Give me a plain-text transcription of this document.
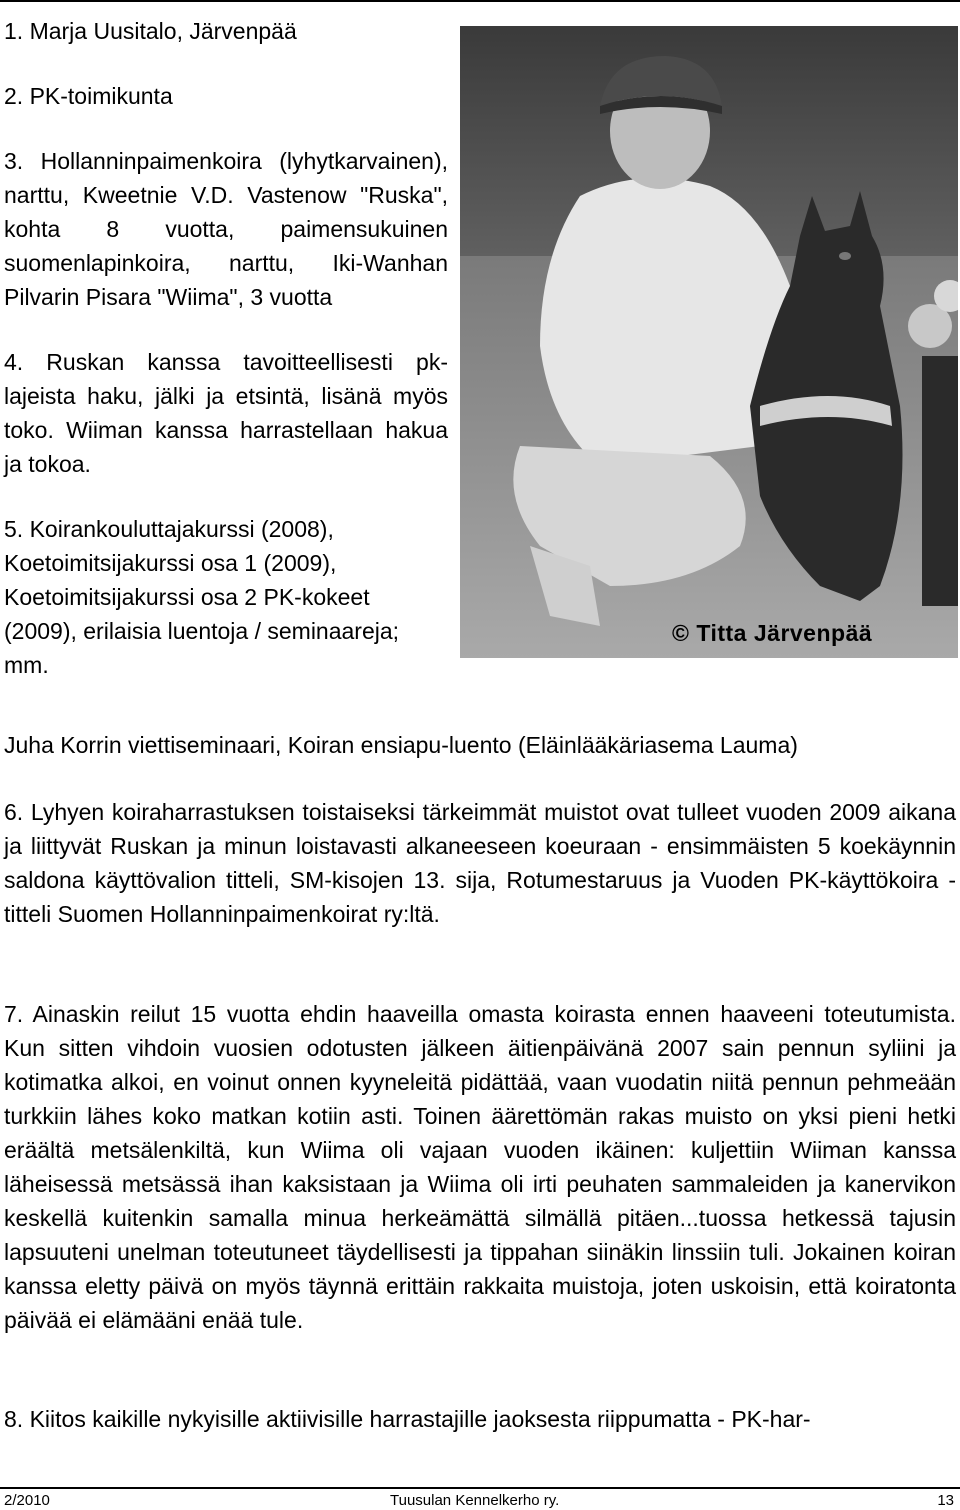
1. Marja Uusitalo, Järvenpää

2. PK-toimikunta

3. Hollanninpaimenkoira (lyhytkarvainen), narttu, Kweetnie V.D. Vastenow "Ruska", kohta 8 vuotta, paimensukuinen suomenlapinkoira, narttu, Iki-Wanhan Pilvarin Pisara "Wiima", 3 vuotta

4. Ruskan kanssa tavoitteellisesti pk-lajeista haku, jälki ja etsintä, lisänä myös toko. Wiiman kanssa harrastellaan hakua ja tokoa.

5. Koirankouluttajakurssi (2008), Koetoimitsijakurssi osa 1 (2009), Koetoimitsijakurssi osa 2 PK-kokeet (2009), erilaisia luentoja / seminaareja; mm.

© Titta Järvenpää

Juha Korrin viettiseminaari, Koiran ensiapu-luento (Eläinlääkäriasema Lauma)

6. Lyhyen koiraharrastuksen toistaiseksi tärkeimmät muistot ovat tulleet vuoden 2009 aikana ja liittyvät Ruskan ja minun loistavasti alkaneeseen koeuraan - ensimmäisten 5 koekäynnin saldona käyttövalion titteli, SM-kisojen 13. sija, Rotumestaruus ja Vuoden PK-käyttökoira -titteli Suomen Hollanninpaimenkoirat ry:ltä.

7. Ainaskin reilut 15 vuotta ehdin haaveilla omasta koirasta ennen haaveeni toteutumista. Kun sitten vihdoin vuosien odotusten jälkeen äitienpäivänä 2007 sain pennun syliini ja kotimatka alkoi, en voinut onnen kyyneleitä pidättää, vaan vuodatin niitä pennun pehmeään turkkiin lähes koko matkan kotiin asti. Toinen äärettömän rakas muisto on yksi pieni hetki eräältä metsälenkiltä, kun Wiima oli vajaan vuoden ikäinen: kuljettiin Wiiman kanssa läheisessä metsässä ihan kaksistaan ja Wiima oli irti peuhaten sammaleiden ja kanervikon keskellä kuitenkin samalla minua herkeämättä silmällä pitäen...tuossa hetkessä tajusin lapsuuteni unelman toteutuneet täydellisesti ja tippahan siinäkin linssiin tuli. Jokainen koiran kanssa eletty päivä on myös täynnä erittäin rakkaita muistoja, joten uskoisin, että koiratonta päivää ei elämääni enää tule.

8. Kiitos kaikille nykyisille aktiivisille harrastajille jaoksesta riippumatta - PK-har-

2/2010	Tuusulan Kennelkerho ry.	13
